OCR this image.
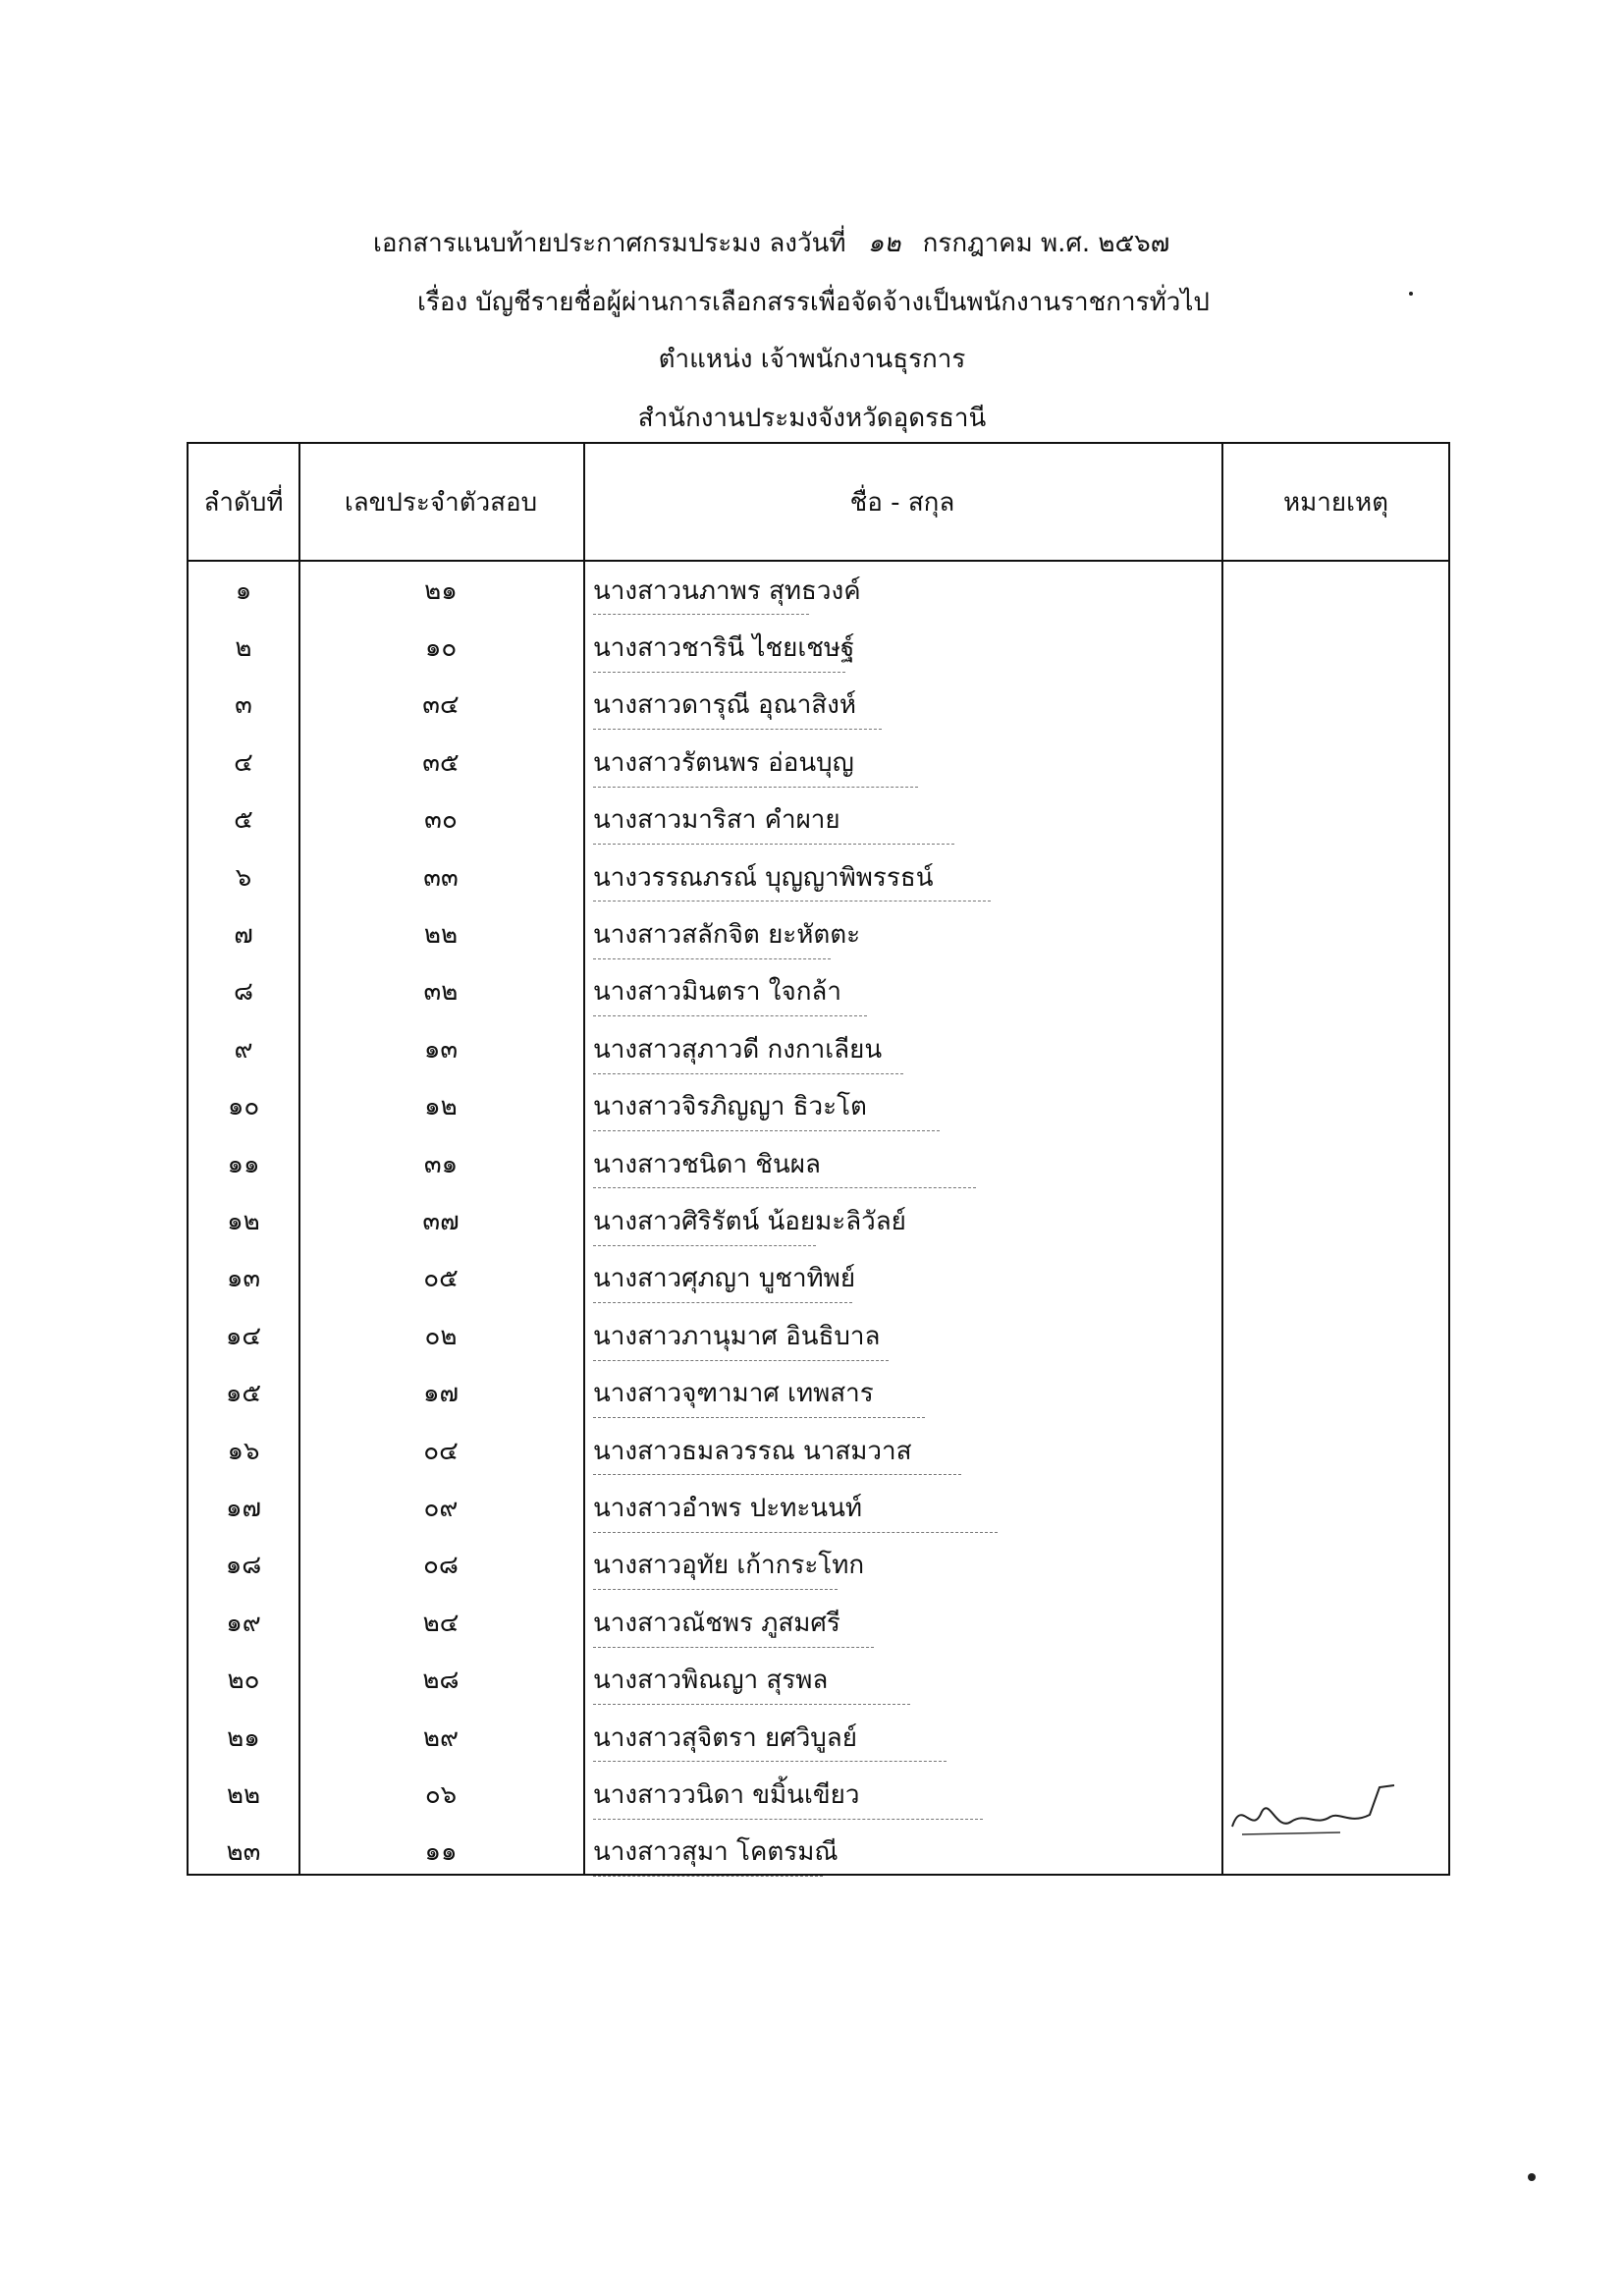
เอกสารแนบท้ายประกาศกรมประมง ลงวันที่ ๑๒ กรกฎาคม พ.ศ. ๒๕๖๗
เรื่อง บัญชีรายชื่อผู้ผ่านการเลือกสรรเพื่อจัดจ้างเป็นพนักงานราชการทั่วไป
ตำแหน่ง เจ้าพนักงานธุรการ
สำนักงานประมงจังหวัดอุดรธานี
ลำดับที่	เลขประจำตัวสอบ	ชื่อ - สกุล	หมายเหตุ
๑	๒๑	นางสาวนภาพร สุทธวงค์
๒	๑๐	นางสาวชารินี ไชยเชษฐ์
๓	๓๔	นางสาวดารุณี อุณาสิงห์
๔	๓๕	นางสาวรัตนพร อ่อนบุญ
๕	๓๐	นางสาวมาริสา คำผาย
๖	๓๓	นางวรรณภรณ์ บุญญาพิพรรธน์
๗	๒๒	นางสาวสลักจิต ยะหัตตะ
๘	๓๒	นางสาวมินตรา ใจกล้า
๙	๑๓	นางสาวสุภาวดี กงกาเลียน
๑๐	๑๒	นางสาวจิรภิญญา ธิวะโต
๑๑	๓๑	นางสาวชนิดา ชินผล
๑๒	๓๗	นางสาวศิริรัตน์ น้อยมะลิวัลย์
๑๓	๐๕	นางสาวศุภญา บูชาทิพย์
๑๔	๐๒	นางสาวภานุมาศ อินธิบาล
๑๕	๑๗	นางสาวจุฑามาศ เทพสาร
๑๖	๐๔	นางสาวธมลวรรณ นาสมวาส
๑๗	๐๙	นางสาวอำพร ปะทะนนท์
๑๘	๐๘	นางสาวอุทัย เก้ากระโทก
๑๙	๒๔	นางสาวณัชพร ภูสมศรี
๒๐	๒๘	นางสาวพิณญา สุรพล
๒๑	๒๙	นางสาวสุจิตรา ยศวิบูลย์
๒๒	๐๖	นางสาววนิดา ขมิ้นเขียว
๒๓	๑๑	นางสาวสุมา โคตรมณี
